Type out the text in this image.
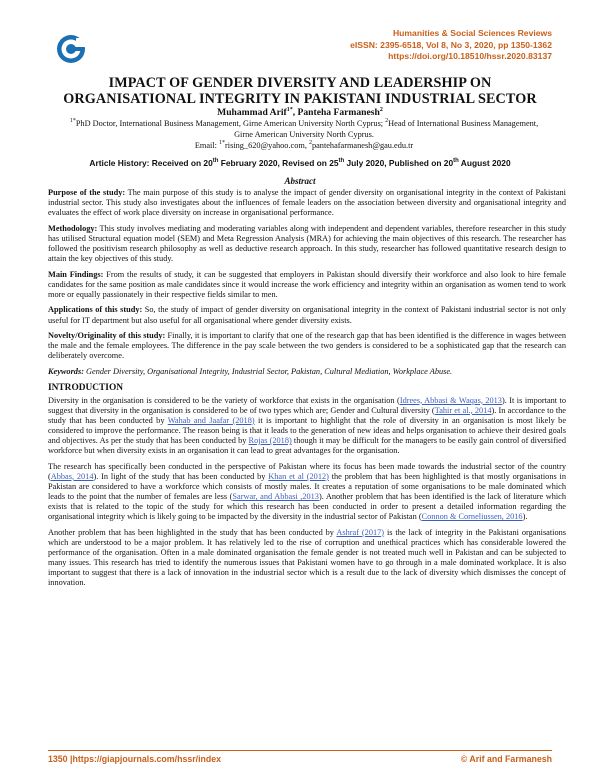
Humanities & Social Sciences Reviews
eISSN: 2395-6518, Vol 8, No 3, 2020, pp 1350-1362
https://doi.org/10.18510/hssr.2020.83137
IMPACT OF GENDER DIVERSITY AND LEADERSHIP ON
ORGANISATIONAL INTEGRITY IN PAKISTANI INDUSTRIAL SECTOR
Muhammad Arif$^{1*}$, Panteha Farmanesh$^2$
$^{1*}$PhD Doctor, International Business Management, Girne American University North Cyprus; $^2$Head of International Business Management, Girne American University North Cyprus.
Email: $^{1*}$rising_620@yahoo.com, $^2$pantehafarmanesh@gau.edu.tr
Article History: Received on 20th February 2020, Revised on 25th July 2020, Published on 20th August 2020
Abstract

Purpose of the study: The main purpose of this study is to analyse the impact of gender diversity on organisational integrity in the context of Pakistani industrial sector. This study also investigates about the influences of female leaders on the association between diversity and organisational integrity and evaluates the effect of work place diversity on increase in organisational performance.

Methodology: This study involves mediating and moderating variables along with independent and dependent variables, therefore researcher in this study has utilised Structural equation model (SEM) and Meta Regression Analysis (MRA) for achieving the main objectives of this research. The researcher has followed the positivism research philosophy as well as deductive research approach. In this study, researcher has followed quantitative research design to attain the key objectives of this study.

Main Findings: From the results of study, it can be suggested that employers in Pakistan should diversify their workforce and also look to hire female candidates for the same position as male candidates since it would increase the work efficiency and integrity within an organisation as women tend to work more or equally passionately in their respective fields similar to men.

Applications of this study: So, the study of impact of gender diversity on organisational integrity in the context of Pakistani industrial sector is not only useful for IT department but also useful for all organisational where gender diversity exists.

Novelty/Originality of this study: Finally, it is important to clarify that one of the research gap that has been identified is the difference in wages between the male and the female employees. The difference in the pay scale between the two genders is considered to be a sophisticated gap that the research can deliberately overcome.

Keywords: Gender Diversity, Organisational Integrity, Industrial Sector, Pakistan, Cultural Mediation, Workplace Abuse.

INTRODUCTION

Diversity in the organisation is considered to be the variety of workforce that exists in the organisation (Idrees, Abbasi & Waqas, 2013). It is important to suggest that diversity in the organisation is considered to be of two types which are; Gender and Cultural diversity (Tahir et al., 2014). In accordance to the study that has been conducted by Wahab and Jaafar (2018) it is important to highlight that the role of diversity in an organisation is most likely be considered to improve the performance. The reason being is that it leads to the generation of new ideas and helps organisation to achieve their desired goals and objectives. As per the study that has been conducted by Rojas (2018) though it may be difficult for the managers to be easily gain control of diversified workforce but when diversity exists in an organisation it can lead to great advantages for the organisation.

The research has specifically been conducted in the perspective of Pakistan where its focus has been made towards the industrial sector of the country (Abbas, 2014). In light of the study that has been conducted by Khan et al (2012) the problem that has been highlighted is that mostly organisations in Pakistan are considered to have a workforce which consists of mostly males. It creates a reputation of some organisations to be male dominated which leads to the point that the number of females are less (Sarwar, and Abbasi ,2013). Another problem that has been identified is the lack of literature which exists that is related to the topic of the study for which this research has been conducted in order to present a detailed information regarding the organisational integrity which is likely going to be impacted by the diversity in the industrial sector of Pakistan (Connon & Corneliussen, 2016).

Another problem that has been highlighted in the study that has been conducted by Ashraf (2017) is the lack of integrity in the Pakistani organisations which are understood to be a major problem. It has relatively led to the rise of corruption and unethical practices which has considerable lowered the performance of the organisation. Often in a male dominated organisation the female gender is not treated much well in Pakistan and can be subjected to many issues. This research has tried to identify the numerous issues that Pakistani women have to go through in a male dominated workplace. It is also important to suggest that there is a lack of innovation in the industrial sector which is a result due to the lack of diversity which dismisses the concept of innovation.

1350 |https://giapjournals.com/hssr/index	© Arif and Farmanesh
